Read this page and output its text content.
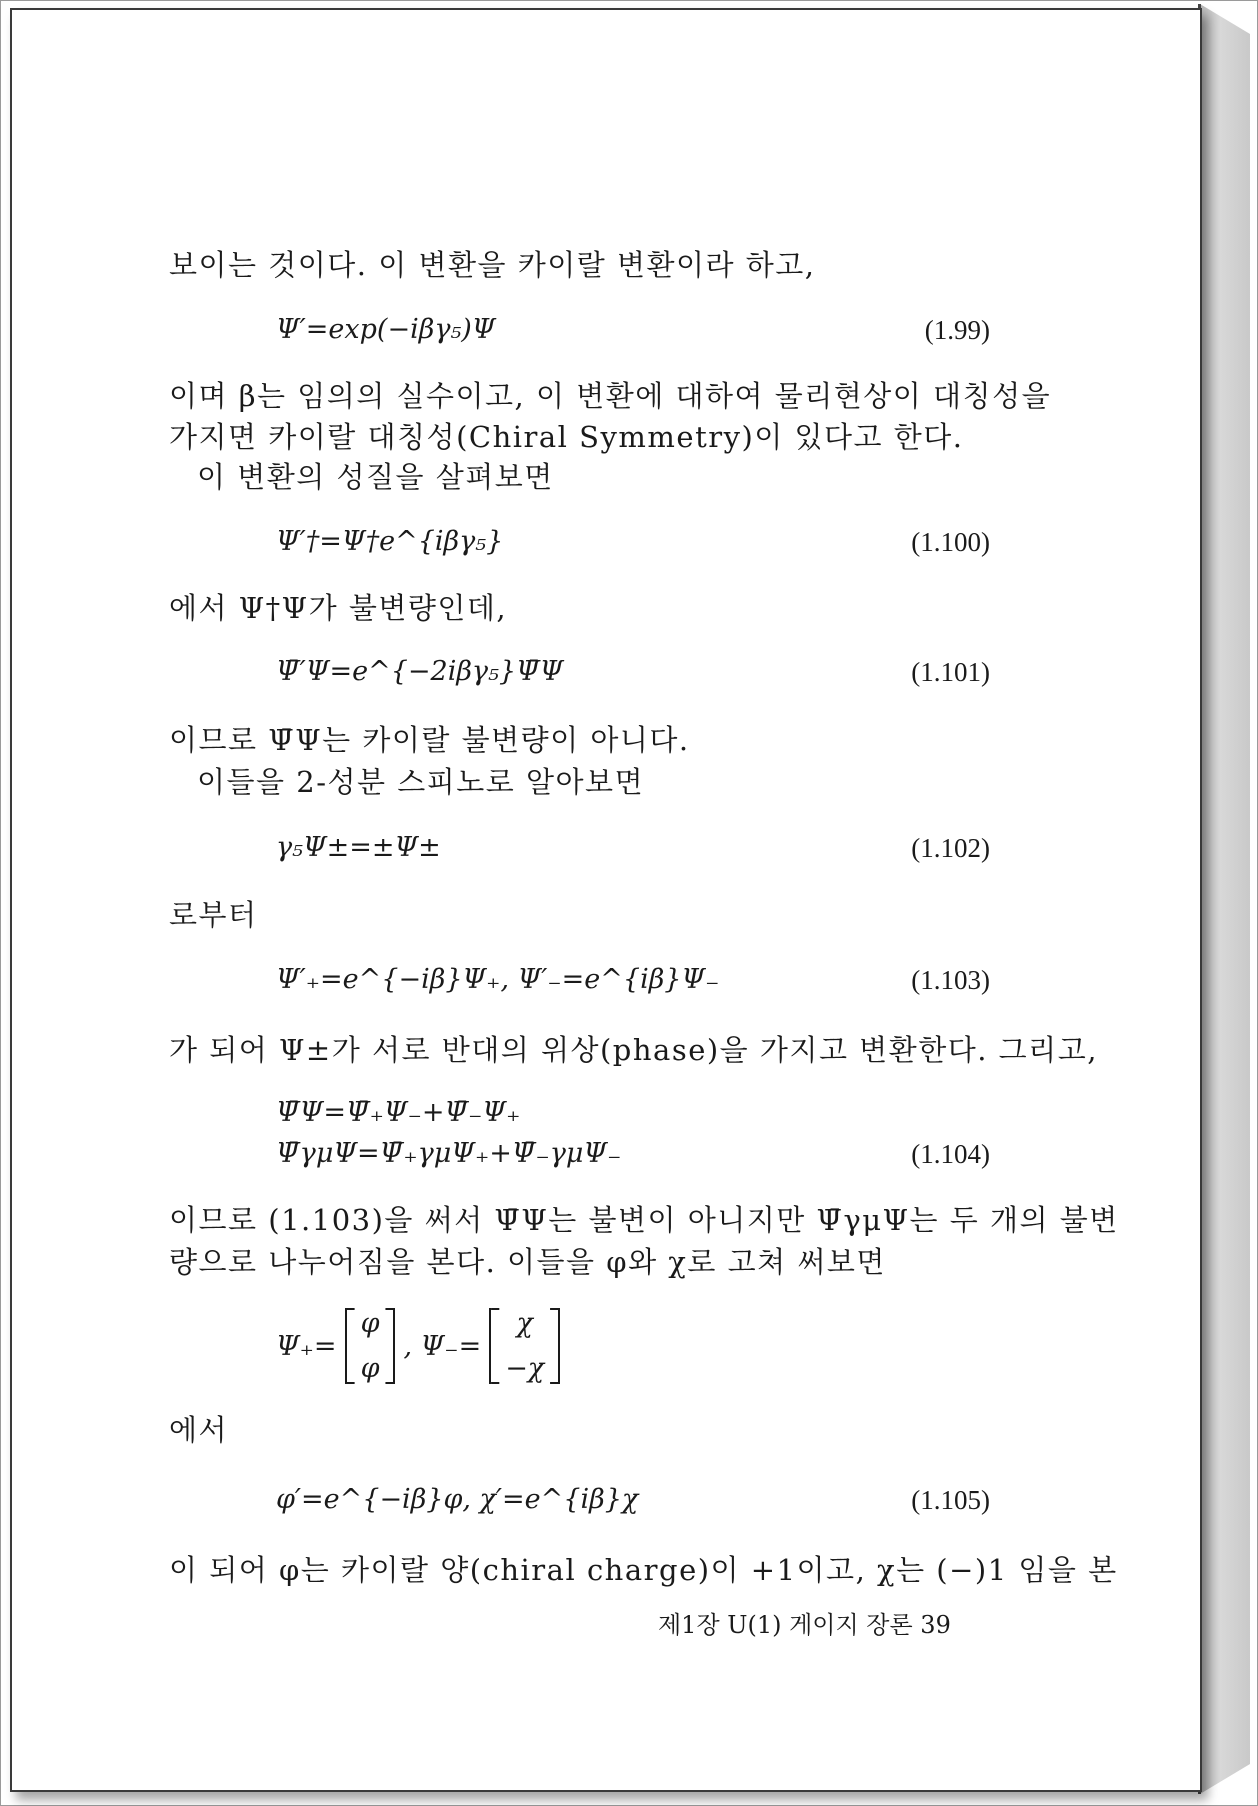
보이는 것이다. 이 변환을 카이랄 변환이라 하고,
Ψ′=exp(−iβγ₅)Ψ	(1.99)
이며 β는 임의의 실수이고, 이 변환에 대하여 물리현상이 대칭성을
가지면 카이랄 대칭성(Chiral Symmetry)이 있다고 한다.
이 변환의 성질을 살펴보면
Ψ′†=Ψ†e^{iβγ₅}	(1.100)
에서 Ψ†Ψ가 불변량인데,
Ψ̄′Ψ=e^{−2iβγ₅}Ψ̄Ψ	(1.101)
이므로 Ψ̄Ψ는 카이랄 불변량이 아니다.
이들을 2-성분 스피노로 알아보면
γ₅Ψ±=±Ψ±	(1.102)
로부터
Ψ′₊=e^{−iβ}Ψ₊, Ψ′₋=e^{iβ}Ψ₋	(1.103)
가 되어 Ψ±가 서로 반대의 위상(phase)을 가지고 변환한다. 그리고,
Ψ̄Ψ=Ψ̄₊Ψ₋+Ψ̄₋Ψ₊
Ψ̄γμΨ=Ψ̄₊γμΨ₊+Ψ̄₋γμΨ₋	(1.104)
이므로 (1.103)을 써서 Ψ̄Ψ는 불변이 아니지만 Ψ̄γμΨ는 두 개의 불변
량으로 나누어짐을 본다. 이들을 φ와 χ로 고쳐 써보면
Ψ₊=
φ
φ
, Ψ₋=
χ
−χ
에서
φ′=e^{−iβ}φ, χ′=e^{iβ}χ	(1.105)
이 되어 φ는 카이랄 양(chiral charge)이 +1이고, χ는 (−)1 임을 본
제1장 U(1) 게이지 장론 39
